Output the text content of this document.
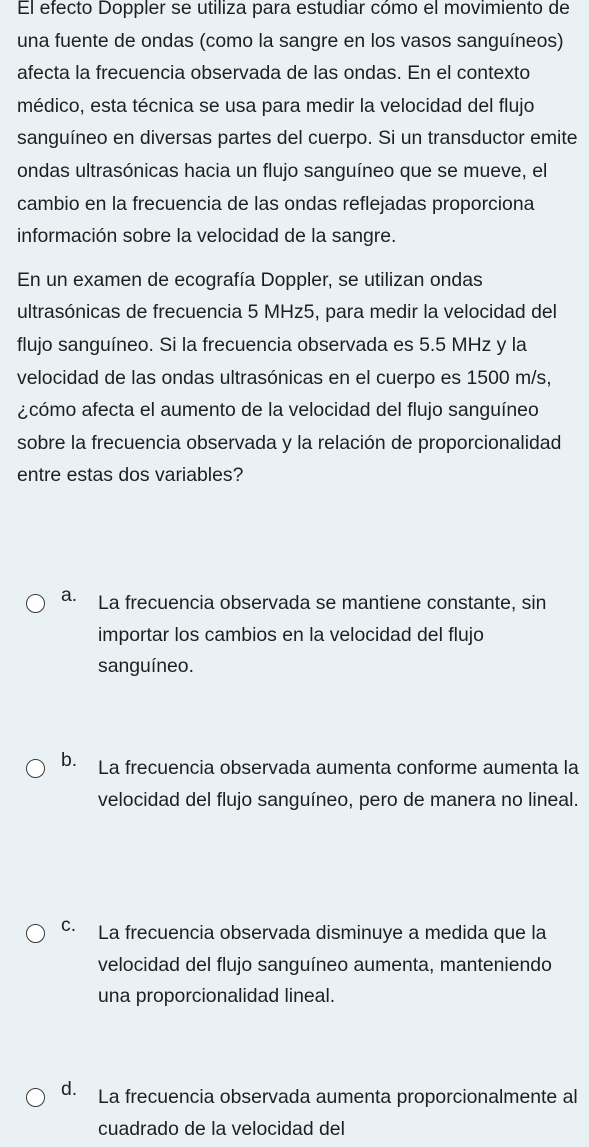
El efecto Doppler se utiliza para estudiar cómo el movimiento de una fuente de ondas (como la sangre en los vasos sanguíneos) afecta la frecuencia observada de las ondas. En el contexto médico, esta técnica se usa para medir la velocidad del flujo sanguíneo en diversas partes del cuerpo. Si un transductor emite ondas ultrasónicas hacia un flujo sanguíneo que se mueve, el cambio en la frecuencia de las ondas reflejadas proporciona información sobre la velocidad de la sangre.

En un examen de ecografía Doppler, se utilizan ondas ultrasónicas de frecuencia 5 MHz5, para medir la velocidad del flujo sanguíneo. Si la frecuencia observada es 5.5 MHz y la velocidad de las ondas ultrasónicas en el cuerpo es 1500 m/s, ¿cómo afecta el aumento de la velocidad del flujo sanguíneo sobre la frecuencia observada y la relación de proporcionalidad entre estas dos variables?

a. La frecuencia observada se mantiene constante, sin importar los cambios en la velocidad del flujo sanguíneo.
b. La frecuencia observada aumenta conforme aumenta la velocidad del flujo sanguíneo, pero de manera no lineal.
c. La frecuencia observada disminuye a medida que la velocidad del flujo sanguíneo aumenta, manteniendo una proporcionalidad lineal.
d. La frecuencia observada aumenta proporcionalmente al cuadrado de la velocidad del
